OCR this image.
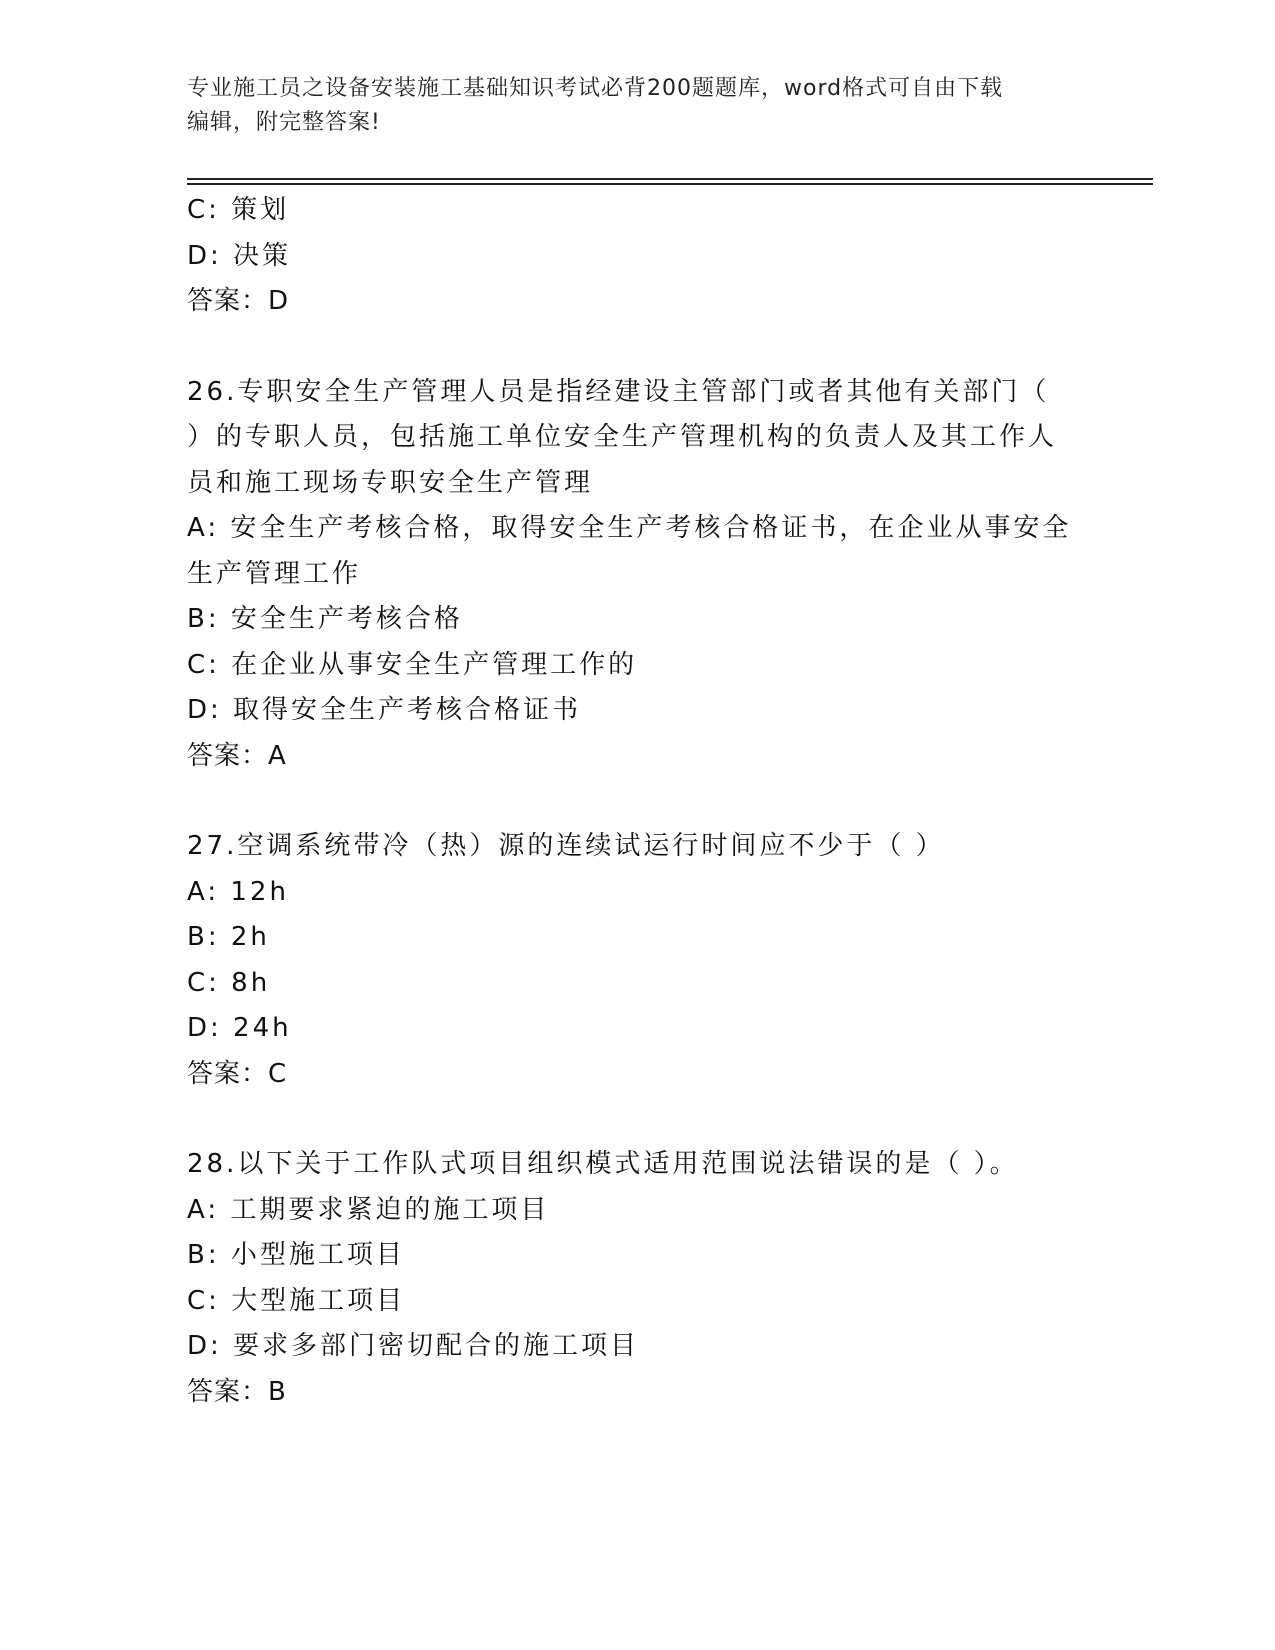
专业施工员之设备安装施工基础知识考试必背200题题库，word格式可自由下载
编辑，附完整答案!
C: 策划
D: 决策
答案：D
26.专职安全生产管理人员是指经建设主管部门或者其他有关部门（
）的专职人员，包括施工单位安全生产管理机构的负责人及其工作人
员和施工现场专职安全生产管理
A: 安全生产考核合格，取得安全生产考核合格证书，在企业从事安全
生产管理工作
B: 安全生产考核合格
C: 在企业从事安全生产管理工作的
D: 取得安全生产考核合格证书
答案：A
27.空调系统带冷（热）源的连续试运行时间应不少于（ ）
A: 12h
B: 2h
C: 8h
D: 24h
答案：C
28.以下关于工作队式项目组织模式适用范围说法错误的是（ ）。
A: 工期要求紧迫的施工项目
B: 小型施工项目
C: 大型施工项目
D: 要求多部门密切配合的施工项目
答案：B
